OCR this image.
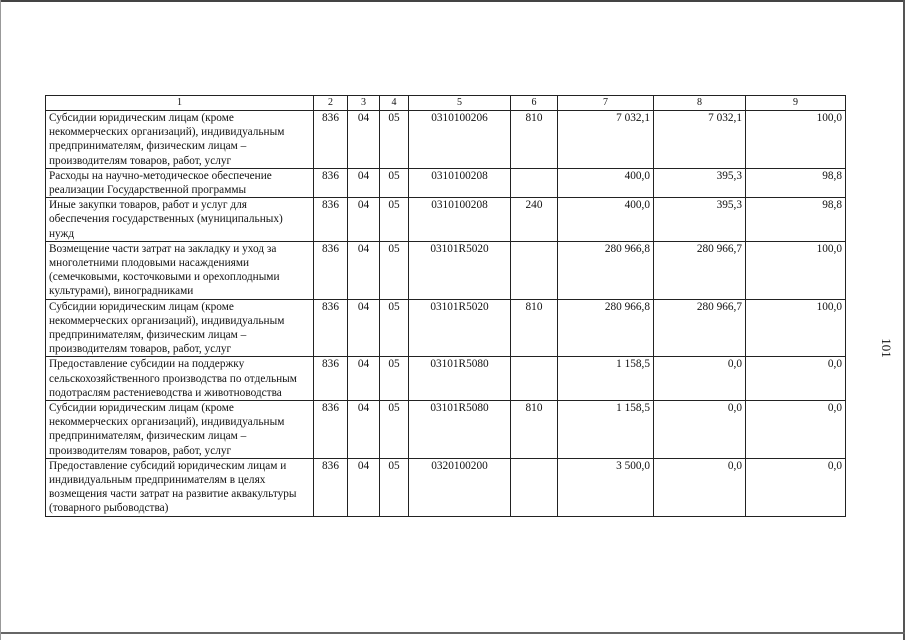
1	2	3	4	5	6	7	8	9
Субсидии юридическим лицам (кроме некоммерческих организаций), индивидуальным предпринимателям, физическим лицам – производителям товаров, работ, услуг	836	04	05	0310100206	810	7 032,1	7 032,1	100,0
Расходы на научно-методическое обеспечение реализации Государственной программы	836	04	05	0310100208		400,0	395,3	98,8
Иные закупки товаров, работ и услуг для обеспечения государственных (муниципальных) нужд	836	04	05	0310100208	240	400,0	395,3	98,8
Возмещение части затрат на закладку и уход за многолетними плодовыми насаждениями (семечковыми, косточковыми и орехоплодными культурами), виноградниками	836	04	05	03101R5020		280 966,8	280 966,7	100,0
Субсидии юридическим лицам (кроме некоммерческих организаций), индивидуальным предпринимателям, физическим лицам – производителям товаров, работ, услуг	836	04	05	03101R5020	810	280 966,8	280 966,7	100,0
Предоставление субсидии на поддержку сельскохозяйственного производства по отдельным подотраслям растениеводства и животноводства	836	04	05	03101R5080		1 158,5	0,0	0,0
Субсидии юридическим лицам (кроме некоммерческих организаций), индивидуальным предпринимателям, физическим лицам – производителям товаров, работ, услуг	836	04	05	03101R5080	810	1 158,5	0,0	0,0
Предоставление субсидий юридическим лицам и индивидуальным предпринимателям в целях возмещения части затрат на развитие аквакультуры (товарного рыбоводства)	836	04	05	0320100200		3 500,0	0,0	0,0
101
